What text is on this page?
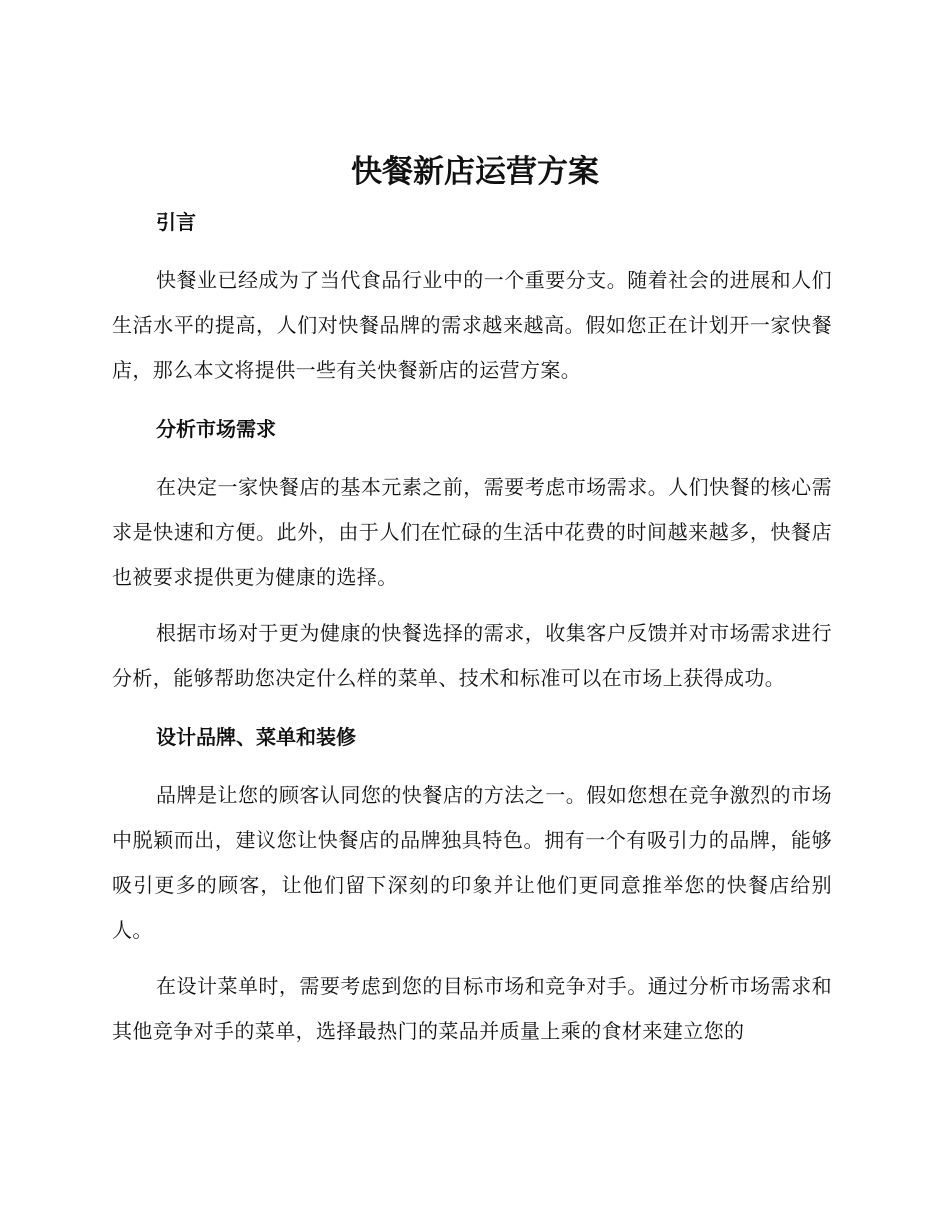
快餐新店运营方案
引言

快餐业已经成为了当代食品行业中的一个重要分支。随着社会的进展和人们生活水平的提高，人们对快餐品牌的需求越来越高。假如您正在计划开一家快餐店，那么本文将提供一些有关快餐新店的运营方案。

分析市场需求

在决定一家快餐店的基本元素之前，需要考虑市场需求。人们快餐的核心需求是快速和方便。此外，由于人们在忙碌的生活中花费的时间越来越多，快餐店也被要求提供更为健康的选择。

根据市场对于更为健康的快餐选择的需求，收集客户反馈并对市场需求进行分析，能够帮助您决定什么样的菜单、技术和标准可以在市场上获得成功。

设计品牌、菜单和装修

品牌是让您的顾客认同您的快餐店的方法之一。假如您想在竞争激烈的市场中脱颖而出，建议您让快餐店的品牌独具特色。拥有一个有吸引力的品牌，能够吸引更多的顾客，让他们留下深刻的印象并让他们更同意推举您的快餐店给别人。

在设计菜单时，需要考虑到您的目标市场和竞争对手。通过分析市场需求和其他竞争对手的菜单，选择最热门的菜品并质量上乘的食材来建立您的
